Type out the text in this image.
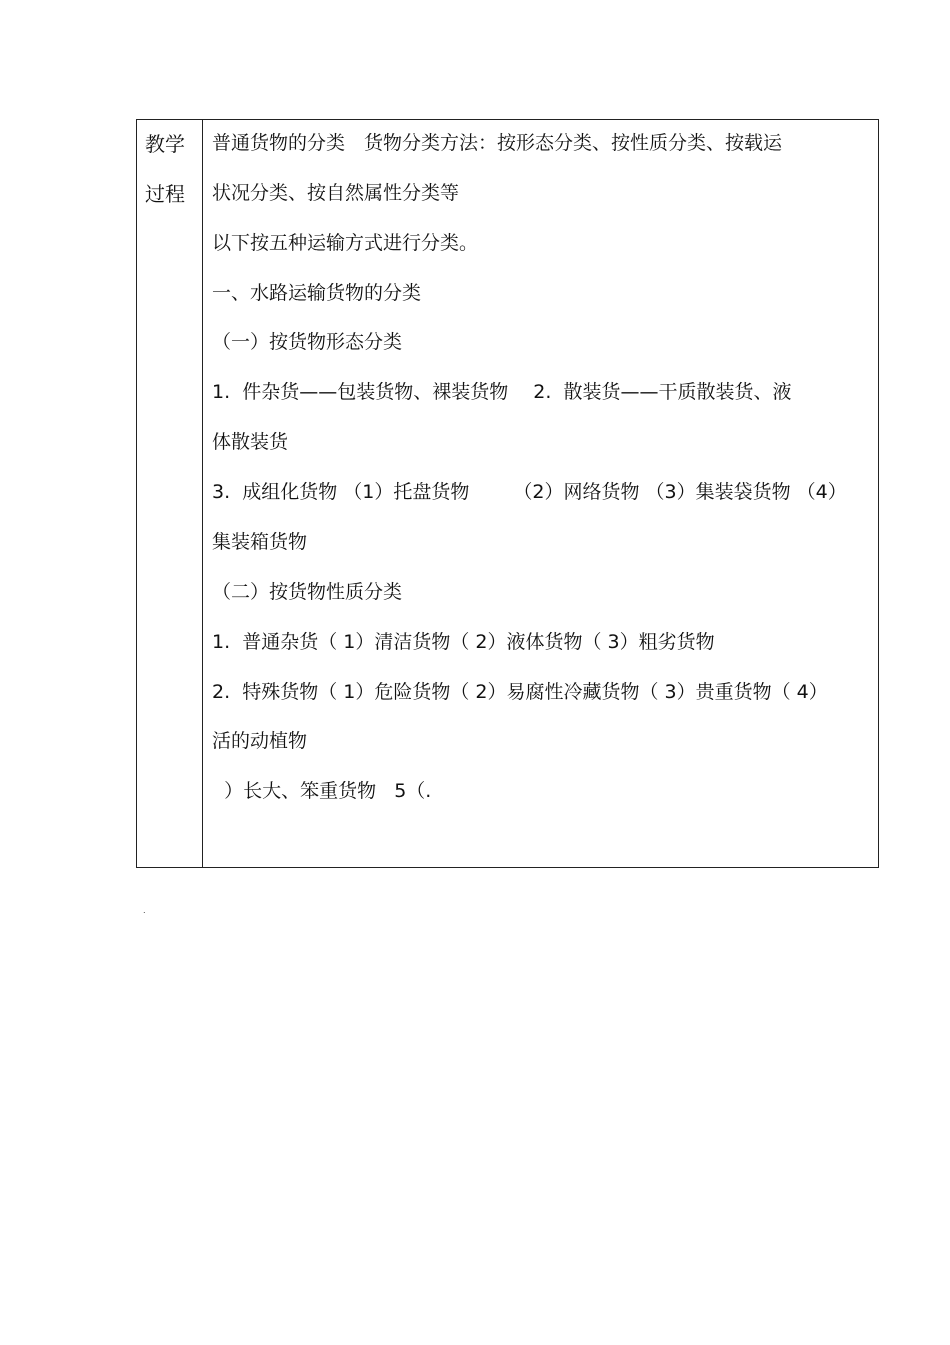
教学
过程
普通货物的分类　货物分类方法：按形态分类、按性质分类、按载运
状况分类、按自然属性分类等
以下按五种运输方式进行分类。
一、水路运输货物的分类
（一）按货物形态分类
1.  件杂货——包装货物、裸装货物　 2.  散装货——干质散装货、液
体散装货
3.  成组化货物 （1）托盘货物　　 （2）网络货物 （3）集装袋货物 （4）
集装箱货物
（二）按货物性质分类
1.  普通杂货（ 1）清洁货物（ 2）液体货物（ 3）粗劣货物
2.  特殊货物（ 1）危险货物（ 2）易腐性冷藏货物（ 3）贵重货物（ 4）
活的动植物
）长大、笨重货物   5（.
.
